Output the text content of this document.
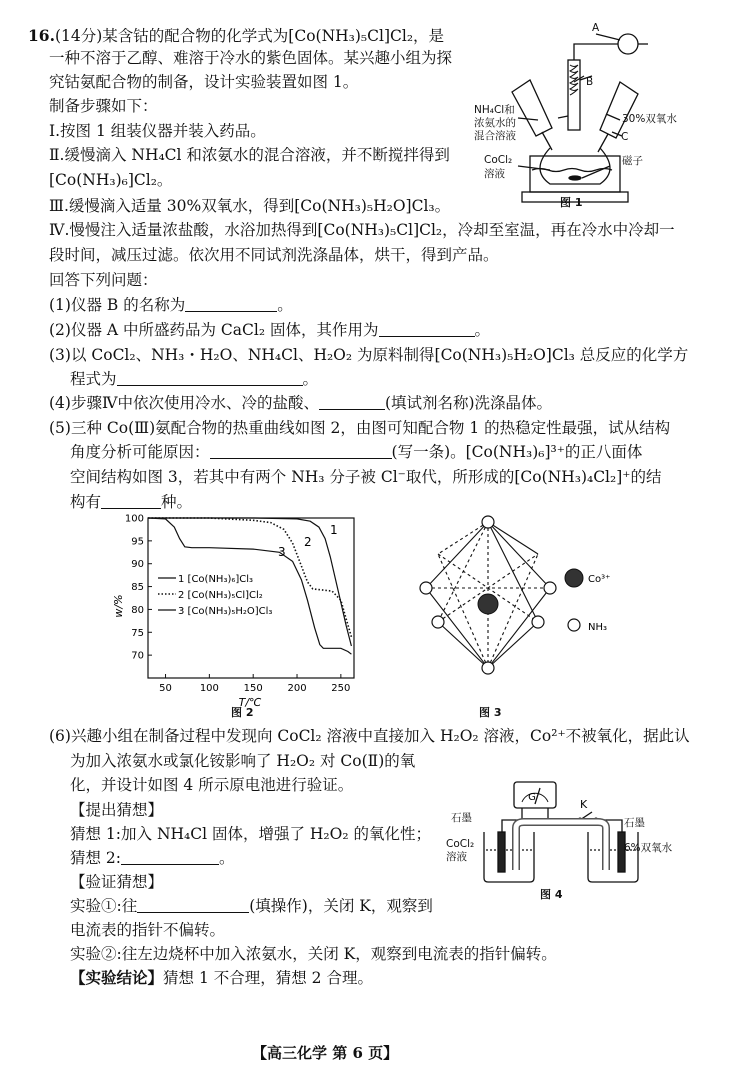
16.(14分)某含钴的配合物的化学式为[Co(NH₃)₅Cl]Cl₂，是
一种不溶于乙醇、难溶于冷水的紫色固体。某兴趣小组为探
究钴氨配合物的制备，设计实验装置如图 1。
制备步骤如下：
Ⅰ.按图 1 组装仪器并装入药品。
Ⅱ.缓慢滴入 NH₄Cl 和浓氨水的混合溶液，并不断搅拌得到
[Co(NH₃)₆]Cl₂。
Ⅲ.缓慢滴入适量 30%双氧水，得到[Co(NH₃)₅H₂O]Cl₃。
Ⅳ.慢慢注入适量浓盐酸，水浴加热得到[Co(NH₃)₅Cl]Cl₂，冷却至室温，再在冷水中冷却一
段时间，减压过滤。依次用不同试剂洗涤晶体，烘干，得到产品。
回答下列问题：
(1)仪器 B 的名称为	。
(2)仪器 A 中所盛药品为 CaCl₂ 固体，其作用为	。
(3)以 CoCl₂、NH₃・H₂O、NH₄Cl、H₂O₂ 为原料制得[Co(NH₃)₅H₂O]Cl₃ 总反应的化学方
程式为	。
(4)步骤Ⅳ中依次使用冷水、冷的盐酸、	(填试剂名称)洗涤晶体。
(5)三种 Co(Ⅲ)氨配合物的热重曲线如图 2，由图可知配合物 1 的热稳定性最强，试从结构
角度分析可能原因：	(写一条)。[Co(NH₃)₆]³⁺的正八面体
空间结构如图 3，若其中有两个 NH₃ 分子被 Cl⁻取代，所形成的[Co(NH₃)₄Cl₂]⁺的结
构有	种。
(6)兴趣小组在制备过程中发现向 CoCl₂ 溶液中直接加入 H₂O₂ 溶液，Co²⁺不被氧化，据此认
为加入浓氨水或氯化铵影响了 H₂O₂ 对 Co(Ⅱ)的氧
化，并设计如图 4 所示原电池进行验证。
【提出猜想】
猜想 1:加入 NH₄Cl 固体，增强了 H₂O₂ 的氧化性；
猜想 2:	。
【验证猜想】
实验①:往	(填操作)，关闭 K，观察到
电流表的指针不偏转。
实验②:往左边烧杯中加入浓氨水，关闭 K，观察到电流表的指针偏转。
【实验结论】猜想 1 不合理，猜想 2 合理。
【高三化学 第 6 页】
A
B
C
NH₄Cl和
浓氨水的
混合溶液
30%双氧水
CoCl₂
溶液
磁子
图 1
50	100 150 200 250
70
75
80
85
90
95
100
w/%
T/℃
1
2
3
1 [Co(NH₃)₆]Cl₃
2 [Co(NH₃)₅Cl]Cl₂
3 [Co(NH₃)₅H₂O]Cl₃
图 2
Co³⁺
NH₃
图 3
G
K
石墨
CoCl₂
溶液
石墨
6%双氧水
图 4
